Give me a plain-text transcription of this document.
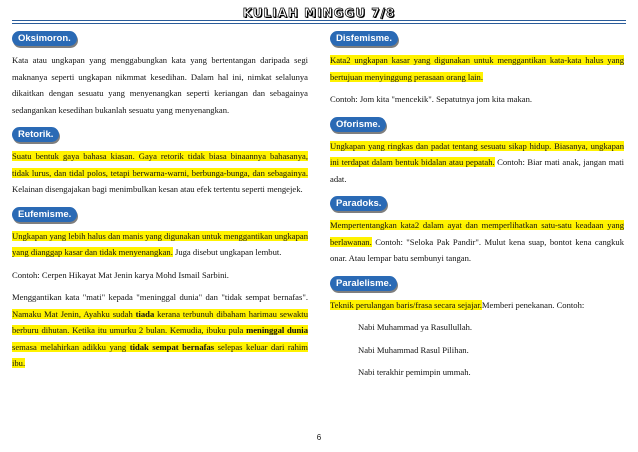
KULIAH MINGGU 7/8
Oksimoron.

Kata atau ungkapan yang menggabungkan kata yang bertentangan daripada segi maknanya seperti ungkapan nikmmat kesedihan. Dalam hal ini, nimkat selalunya dikaitkan dengan sesuatu yang menyenangkan seperti keriangan dan sebagainya sedangankan kesedihan bukanlah sesuatu yang menyenangkan.

Retorik.

Suatu bentuk gaya bahasa kiasan. Gaya retorik tidak biasa binaannya bahasanya, tidak lurus, dan tidal polos, tetapi berwarna-warni, berbunga-bunga, dan sebagainya. Kelainan disengajakan bagi menimbulkan kesan atau efek tertentu seperti mengejek.

Eufemisme.

Ungkapan yang lebih halus dan manis yang digunakan untuk menggantikan ungkapan yang dianggap kasar dan tidak menyenangkan. Juga disebut ungkapan lembut.

Contoh: Cerpen Hikayat Mat Jenin karya Mohd Ismail Sarbini.

Menggantikan kata "mati" kepada "meninggal dunia" dan "tidak sempat bernafas". Namaku Mat Jenin, Ayahku sudah tiada kerana terbunuh dibaham harimau sewaktu berburu dihutan. Ketika itu umurku 2 bulan. Kemudia, ibuku pula meninggal dunia semasa melahirkan adikku yang tidak sempat bernafas selepas keluar dari rahim ibu.

Disfemisme.

Kata2 ungkapan kasar yang digunakan untuk menggantikan kata-kata halus yang bertujuan menyinggung perasaan orang lain.

Contoh: Jom kita "mencekik". Sepatutnya jom kita makan.

Oforisme.

Ungkapan yang ringkas dan padat tentang sesuatu sikap hidup. Biasanya, ungkapan ini terdapat dalam bentuk bidalan atau pepatah. Contoh: Biar mati anak, jangan mati adat.

Paradoks.

Mempertentangkan kata2 dalam ayat dan memperlihatkan satu-satu keadaan yang berlawanan. Contoh: "Seloka Pak Pandir". Mulut kena suap, bontot kena cangkuk onar. Atau lempar batu sembunyi tangan.

Paralelisme.

Teknik perulangan baris/frasa secara sejajar.Memberi penekanan. Contoh:

Nabi Muhammad ya Rasullullah.

Nabi Muhammad Rasul Pilihan.

Nabi terakhir pemimpin ummah.

6
